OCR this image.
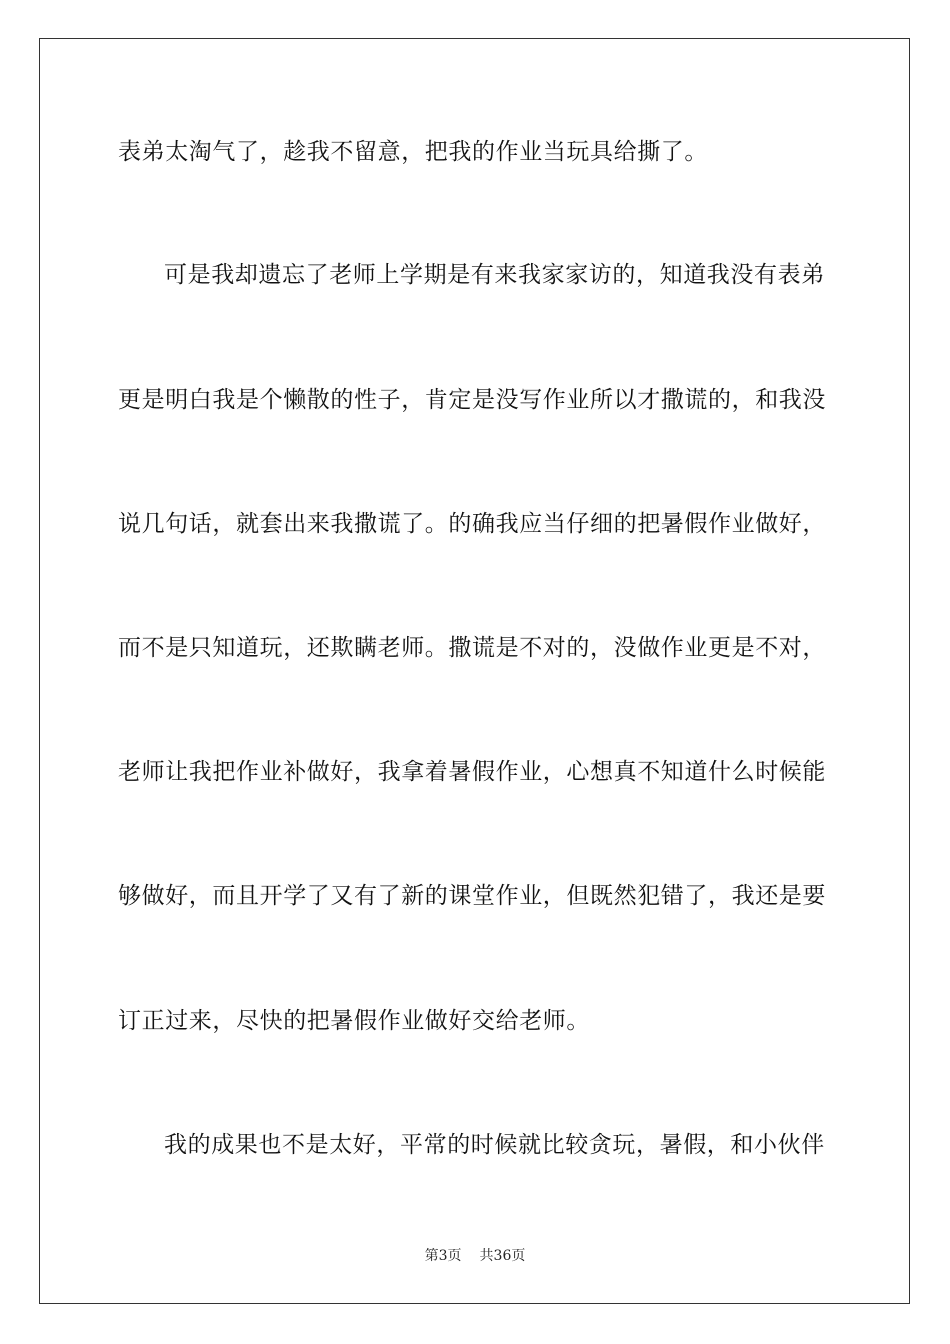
表弟太淘气了，趁我不留意，把我的作业当玩具给撕了。
可是我却遗忘了老师上学期是有来我家家访的，知道我没有表弟
更是明白我是个懒散的性子，肯定是没写作业所以才撒谎的，和我没
说几句话，就套出来我撒谎了。的确我应当仔细的把暑假作业做好，
而不是只知道玩，还欺瞒老师。撒谎是不对的，没做作业更是不对，
老师让我把作业补做好，我拿着暑假作业，心想真不知道什么时候能
够做好，而且开学了又有了新的课堂作业，但既然犯错了，我还是要
订正过来，尽快的把暑假作业做好交给老师。
我的成果也不是太好，平常的时候就比较贪玩，暑假，和小伙伴
第3页 共36页
